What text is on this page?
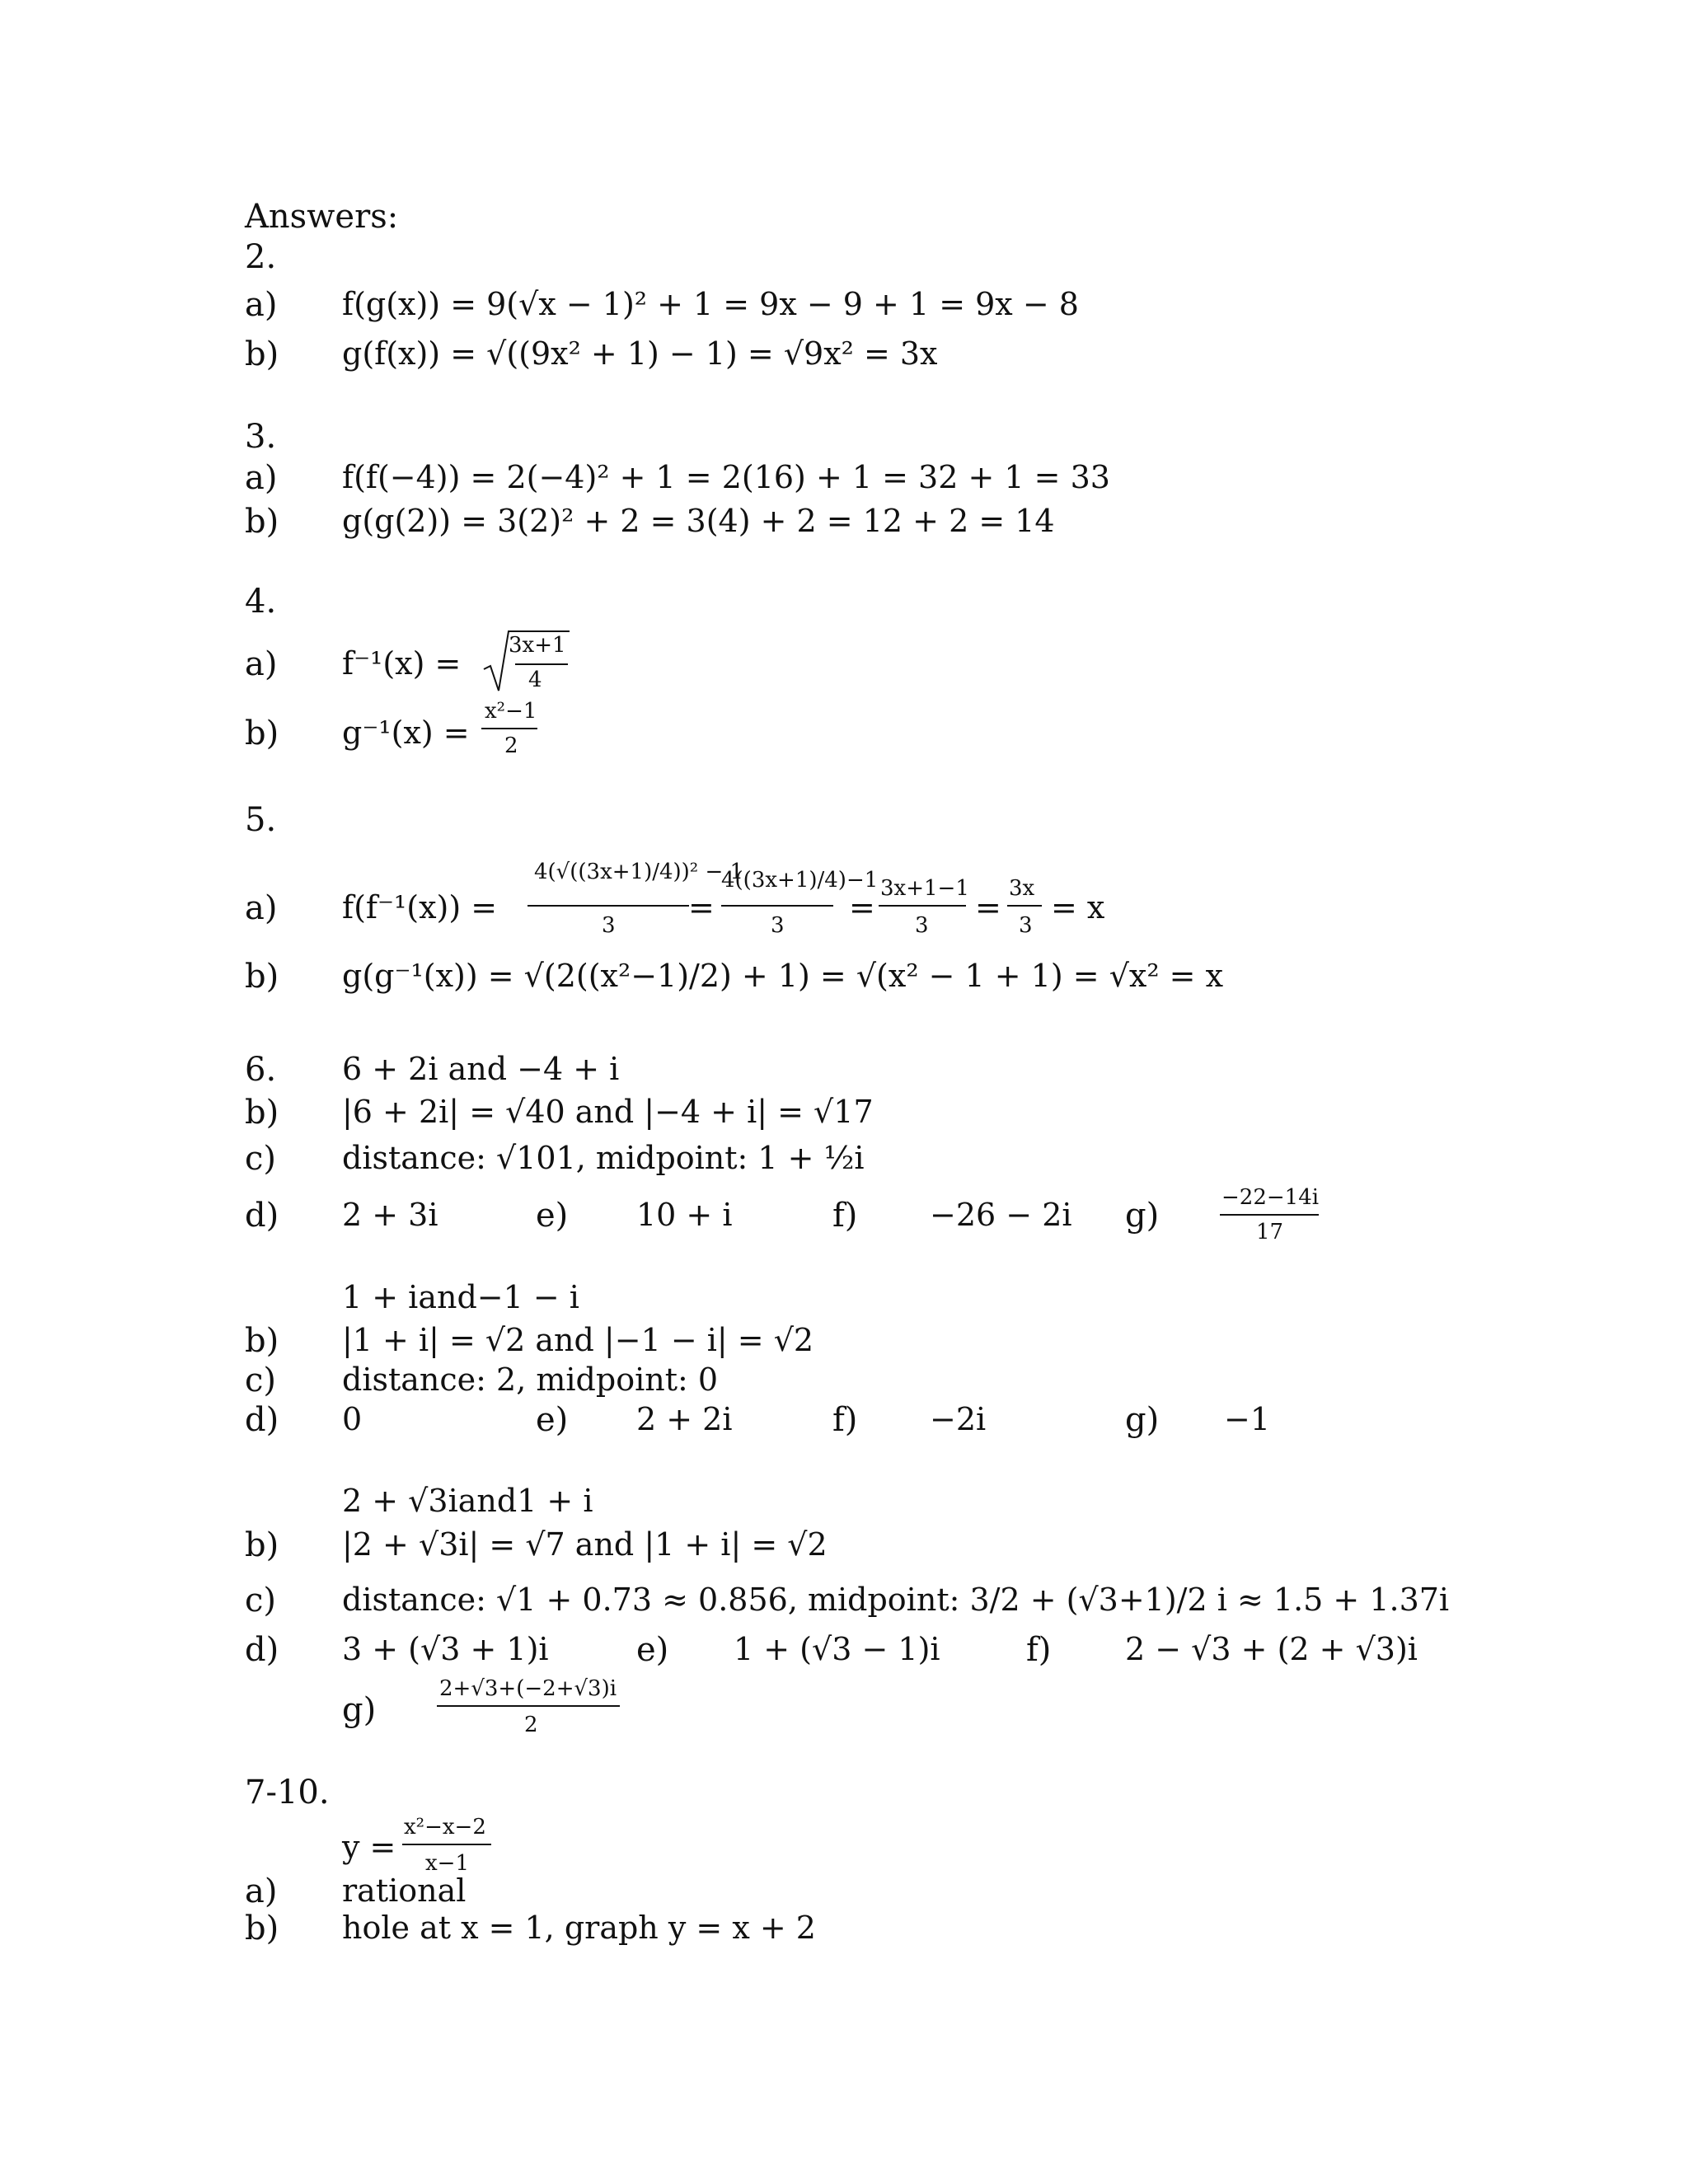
Answers:
2.
a) f(g(x)) = 9(√x − 1)² + 1 = 9x − 9 + 1 = 9x − 8
b) g(f(x)) = √((9x² + 1) − 1) = √9x² = 3x
3.
a) f(f(−4)) = 2(−4)² + 1 = 2(16) + 1 = 32 + 1 = 33
b) g(g(2)) = 3(2)² + 2 = 3(4) + 2 = 12 + 2 = 14
4.
a) f⁻¹(x) = 3x+1
4
b) g⁻¹(x) =
x²−1
2
5.
a) f(f⁻¹(x)) =
4(√((3x+1)/4))² − 1
3 =
4((3x+1)/4)−1
3 =
3x+1−1
3 =
3x
3 = x
b) g(g⁻¹(x)) = √(2((x²−1)/2) + 1) = √(x² − 1 + 1) = √x² = x
6. 6 + 2i and −4 + i
b) |6 + 2i| = √40 and |−4 + i| = √17
c) distance: √101, midpoint: 1 + ½i
d) 2 + 3i	e) 10 + i	f) −26 − 2i g)	−22−14i
17
1 + iand−1 − i
b) |1 + i| = √2 and |−1 − i| = √2
c) distance: 2, midpoint: 0
d) 0	e) 2 + 2i	f) −2i	g) −1
2 + √3iand1 + i
b) |2 + √3i| = √7 and |1 + i| = √2
c) distance: √1 + 0.73 ≈ 0.856, midpoint: 3/2 + (√3+1)/2 i ≈ 1.5 + 1.37i
d) 3 + (√3 + 1)i	e) 1 + (√3 − 1)i	f) 2 − √3 + (2 + √3)i
g)
2+√3+(−2+√3)i
2
7-10.
y =
x²−x−2
x−1
a) rational
b) hole at x = 1, graph y = x + 2
